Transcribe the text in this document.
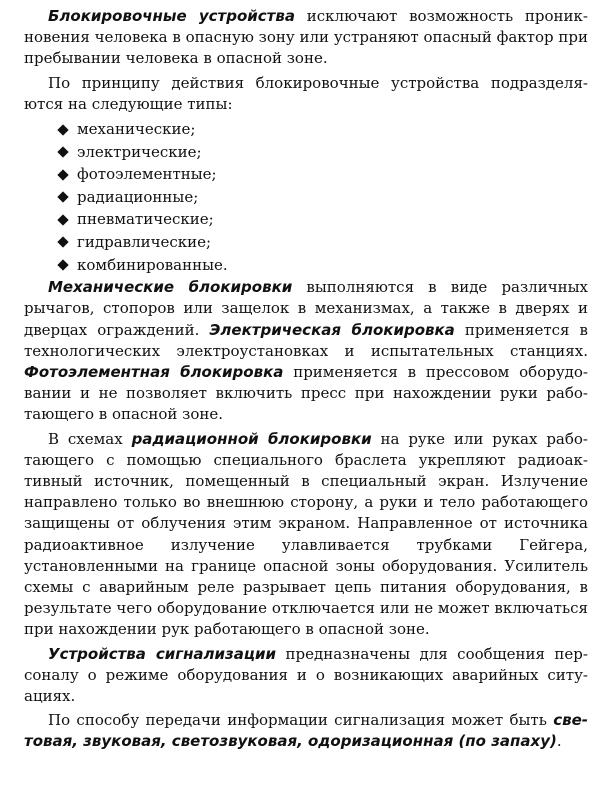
Блокировочные устройства исключают возможность проникновения человека в опасную зону или устраняют опасный фактор при пребывании человека в опасной зоне.

По принципу действия блокировочные устройства подразделяются на следующие типы:

механические;
электрические;
фотоэлементные;
радиационные;
пневматические;
гидравлические;
комбинированные.

Механические блокировки выполняются в виде различных рычагов, стопоров или защелок в механизмах, а также в дверях и дверцах ограждений. Электрическая блокировка применяется в технологических электроустановках и испытательных станциях. Фотоэлементная блокировка применяется в прессовом оборудовании и не позволяет включить пресс при нахождении руки работающего в опасной зоне.

В схемах радиационной блокировки на руке или руках работающего с помощью специального браслета укрепляют радиоактивный источник, помещенный в специальный экран. Излучение направлено только во внешнюю сторону, а руки и тело работающего защищены от облучения этим экраном. Направленное от источника радиоактивное излучение улавливается трубками Гейгера, установленными на границе опасной зоны оборудования. Усилитель схемы с аварийным реле разрывает цепь питания оборудования, в результате чего оборудование отключается или не может включаться при нахождении рук работающего в опасной зоне.

Устройства сигнализации предназначены для сообщения персоналу о режиме оборудования и о возникающих аварийных ситуациях.

По способу передачи информации сигнализация может быть световая, звуковая, светозвуковая, одоризационная (по запаху).
